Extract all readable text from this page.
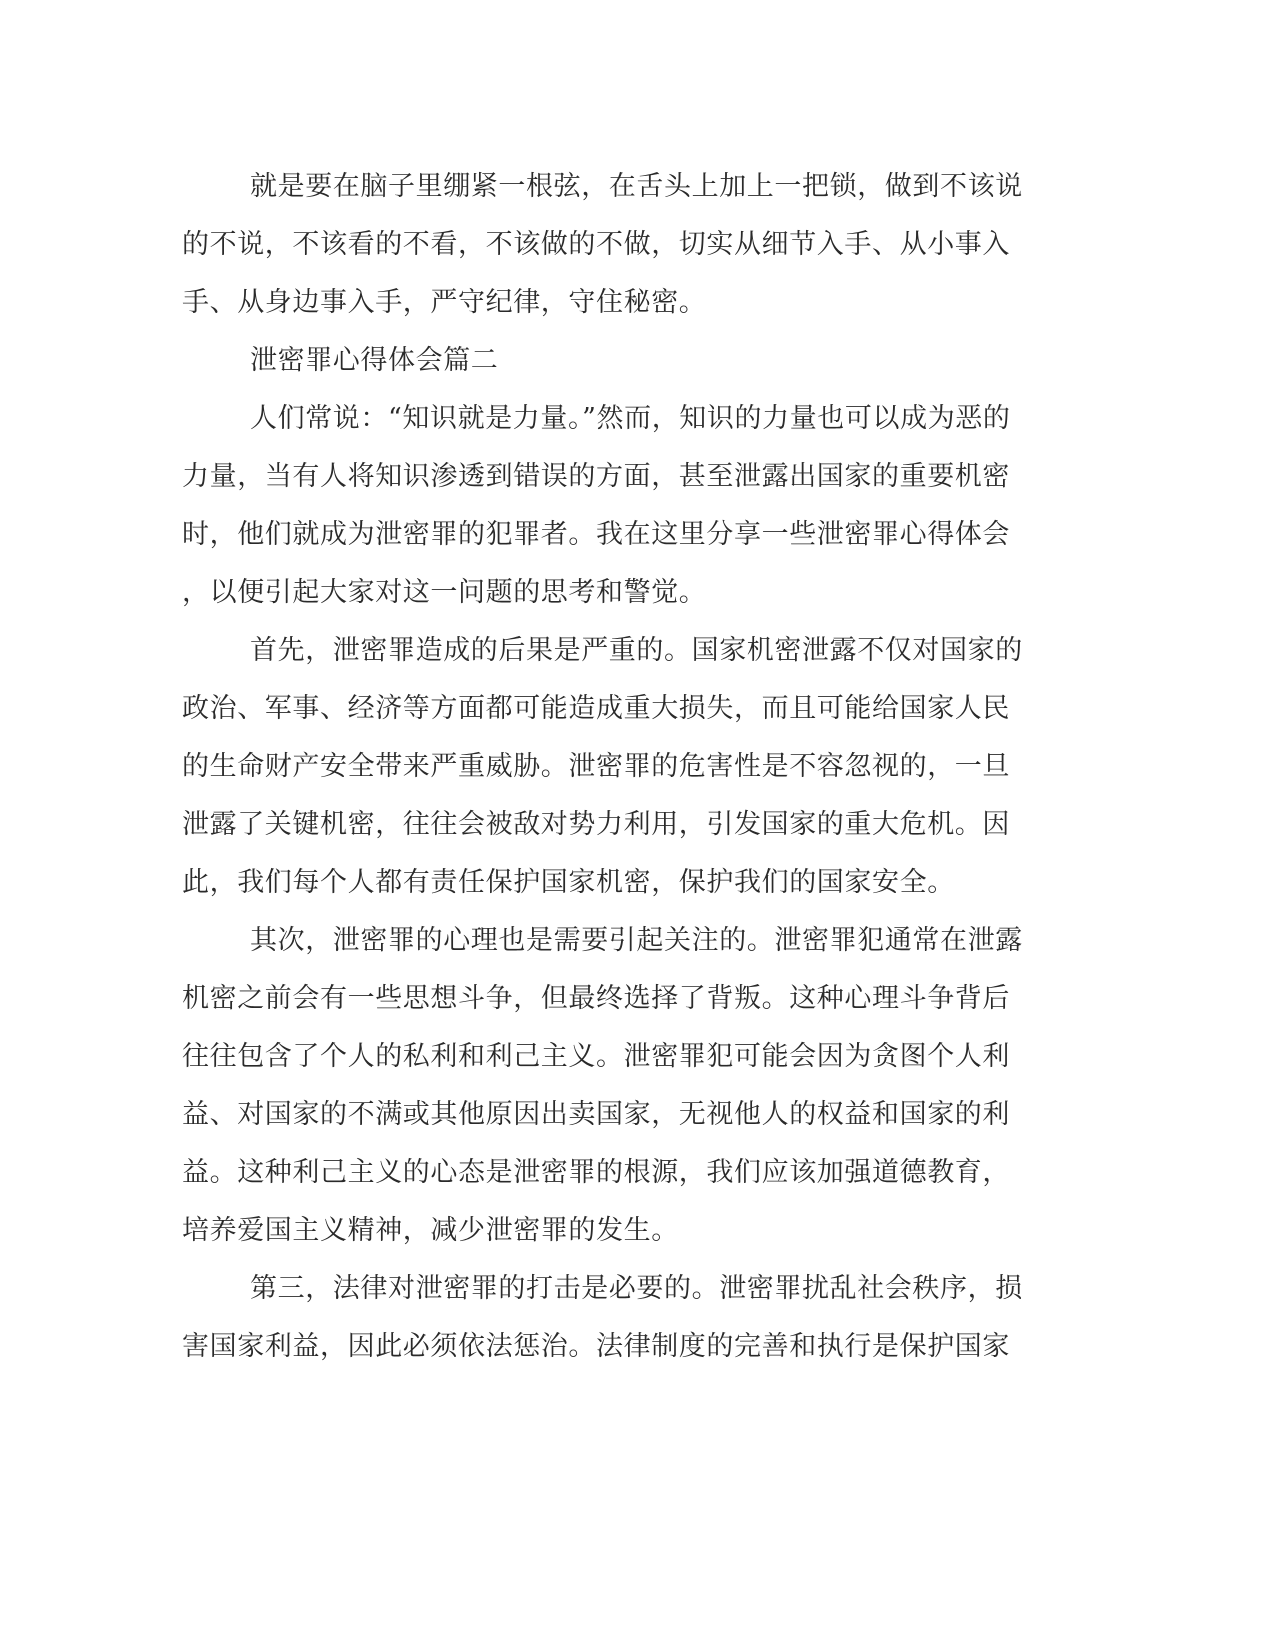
就是要在脑子里绷紧一根弦，在舌头上加上一把锁，做到不该说
的不说，不该看的不看，不该做的不做，切实从细节入手、从小事入
手、从身边事入手，严守纪律，守住秘密。
泄密罪心得体会篇二
人们常说：“知识就是力量。”然而，知识的力量也可以成为恶的
力量，当有人将知识渗透到错误的方面，甚至泄露出国家的重要机密
时，他们就成为泄密罪的犯罪者。我在这里分享一些泄密罪心得体会
，以便引起大家对这一问题的思考和警觉。
首先，泄密罪造成的后果是严重的。国家机密泄露不仅对国家的
政治、军事、经济等方面都可能造成重大损失，而且可能给国家人民
的生命财产安全带来严重威胁。泄密罪的危害性是不容忽视的，一旦
泄露了关键机密，往往会被敌对势力利用，引发国家的重大危机。因
此，我们每个人都有责任保护国家机密，保护我们的国家安全。
其次，泄密罪的心理也是需要引起关注的。泄密罪犯通常在泄露
机密之前会有一些思想斗争，但最终选择了背叛。这种心理斗争背后
往往包含了个人的私利和利己主义。泄密罪犯可能会因为贪图个人利
益、对国家的不满或其他原因出卖国家，无视他人的权益和国家的利
益。这种利己主义的心态是泄密罪的根源，我们应该加强道德教育，
培养爱国主义精神，减少泄密罪的发生。
第三，法律对泄密罪的打击是必要的。泄密罪扰乱社会秩序，损
害国家利益，因此必须依法惩治。法律制度的完善和执行是保护国家
